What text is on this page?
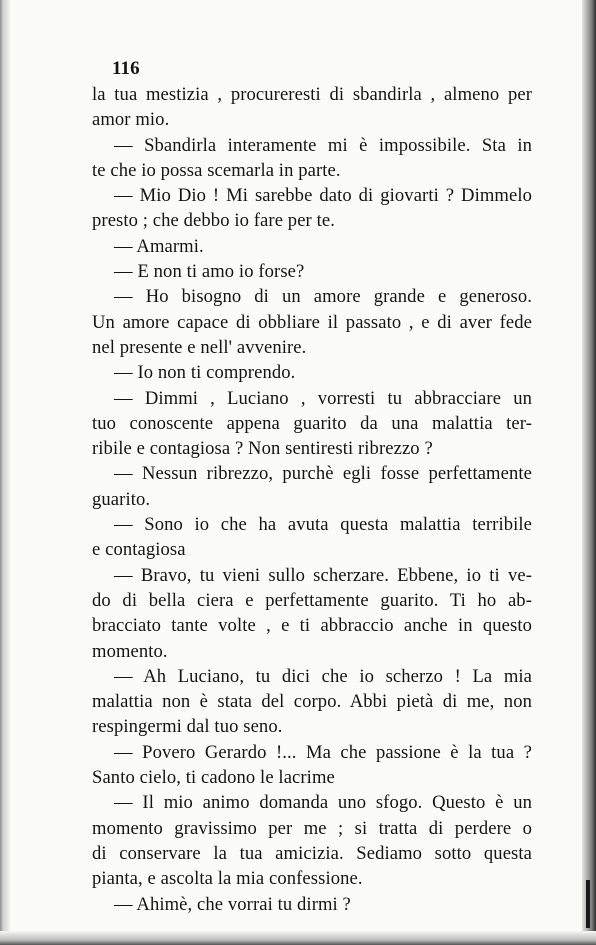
116
la tua mestizia , procureresti di sbandirla , almeno per
amor mio.
— Sbandirla interamente mi è impossibile. Sta in
te che io possa scemarla in parte.
— Mio Dio ! Mi sarebbe dato di giovarti ? Dimmelo
presto ; che debbo io fare per te.
— Amarmi.
— E non ti amo io forse?
— Ho bisogno di un amore grande e generoso.
Un amore capace di obbliare il passato , e di aver fede
nel presente e nell' avvenire.
— Io non ti comprendo.
— Dimmi , Luciano , vorresti tu abbracciare un
tuo conoscente appena guarito da una malattia ter-
ribile e contagiosa ? Non sentiresti ribrezzo ?
— Nessun ribrezzo, purchè egli fosse perfettamente
guarito.
— Sono io che ha avuta questa malattia terribile
e contagiosa
— Bravo, tu vieni sullo scherzare. Ebbene, io ti ve-
do di bella ciera e perfettamente guarito. Ti ho ab-
bracciato tante volte , e ti abbraccio anche in questo
momento.
— Ah Luciano, tu dici che io scherzo ! La mia
malattia non è stata del corpo. Abbi pietà di me, non
respingermi dal tuo seno.
— Povero Gerardo !... Ma che passione è la tua ?
Santo cielo, ti cadono le lacrime
— Il mio animo domanda uno sfogo. Questo è un
momento gravissimo per me ; si tratta di perdere o
di conservare la tua amicizia. Sediamo sotto questa
pianta, e ascolta la mia confessione.
— Ahimè, che vorrai tu dirmi ?
